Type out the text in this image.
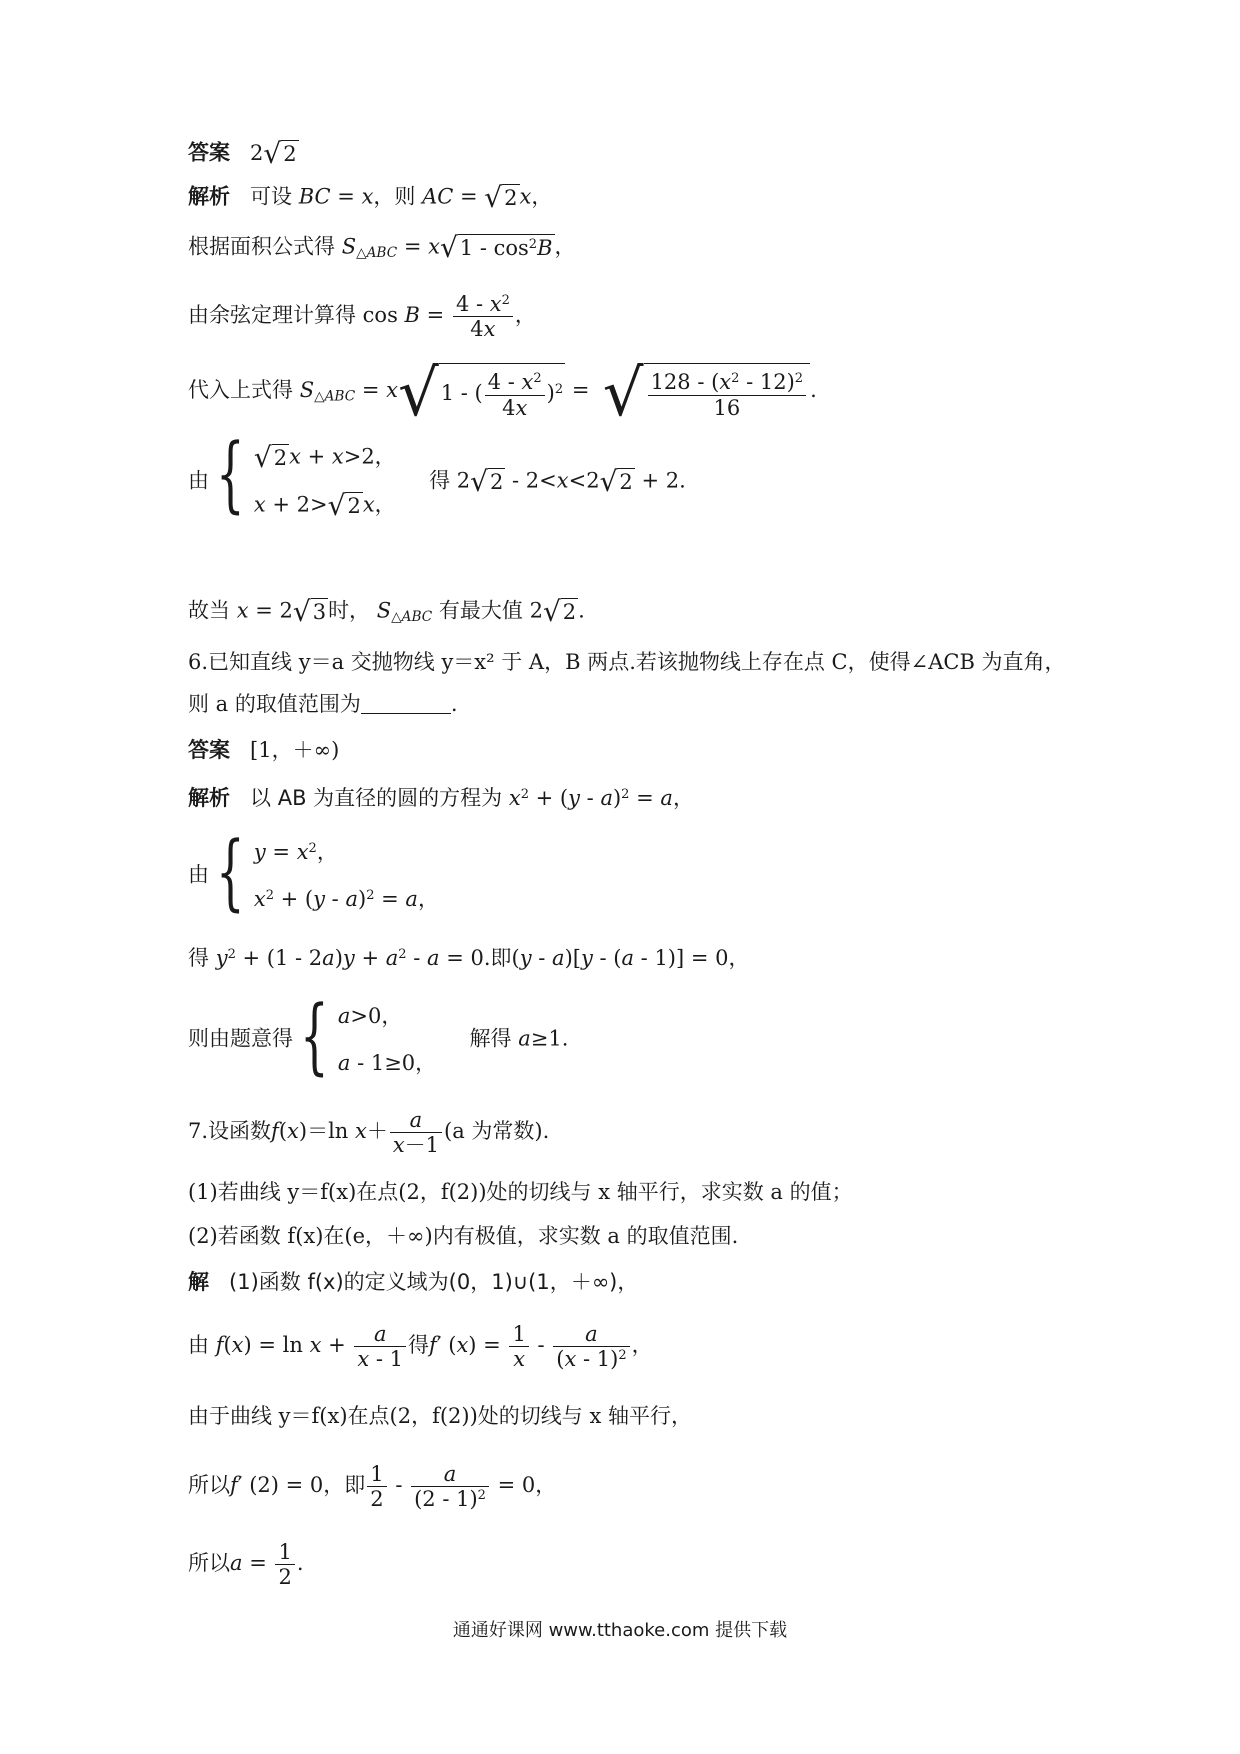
答案 2√2
解析 可设 BC = x，则 AC = √2x，
根据面积公式得 $S_{\triangle ABC} = x√1 - \cos^2B$，
由余弦定理计算得 $\cos B = \frac{4 - x^2}{4x}$ ，
代入上式得 $S_{\triangle ABC} = x√1$ - ( $\frac{4 - x^2}{4x} )^2$ =  √ $\frac{128 - (x^2 - 12)^2}{16}$ .
由 { √2x + x>2，
x + 2>√2x，
得 2√2 - 2<x<2√2 + 2.
故当 x = 2√3时， $S_{\triangle ABC}$ 有最大值 2√2.
6.已知直线 y＝a 交抛物线 y＝x² 于 A，B 两点.若该抛物线上存在点 C，使得∠ACB 为直角，
则 a 的取值范围为	.
答案 [1，＋∞)
解析 以 AB 为直径的圆的方程为 $x^2 + (y - a)^2 = a$，
由 { $y = x^2$，
$x^2 + (y - a)^2 = a$，
得 $y^2 + (1 - 2a)y + a^2 - a = 0$.即(y - a)[y - (a - 1)] = 0，
则由题意得 { a>0，
a - 1≥0，
解得 a≥1.
7.设函数f(x)＝ln $x+ \frac{a}{x-1} (a$ 为常数).
(1)若曲线 y＝f(x)在点(2，f(2))处的切线与 x 轴平行，求实数 a 的值；
(2)若函数 f(x)在(e，＋∞)内有极值，求实数 a 的取值范围.
解 (1)函数 f(x)的定义域为(0，1)∪(1，＋∞)，
由 $f(x) = \ln x + \frac{a}{x - 1}$ 得f′ $(x) = \frac{1}{x} - \frac{a}{(x - 1)^2}$ ，
由于曲线 y＝f(x)在点(2，f(2))处的切线与 x 轴平行，
所以f′ (2) = 0，即 $\frac{1}{2} - \frac{a}{(2 - 1)^2} = 0$，
所以$a = \frac{1}{2}$ .
通通好课网 www.tthaoke.com 提供下载
